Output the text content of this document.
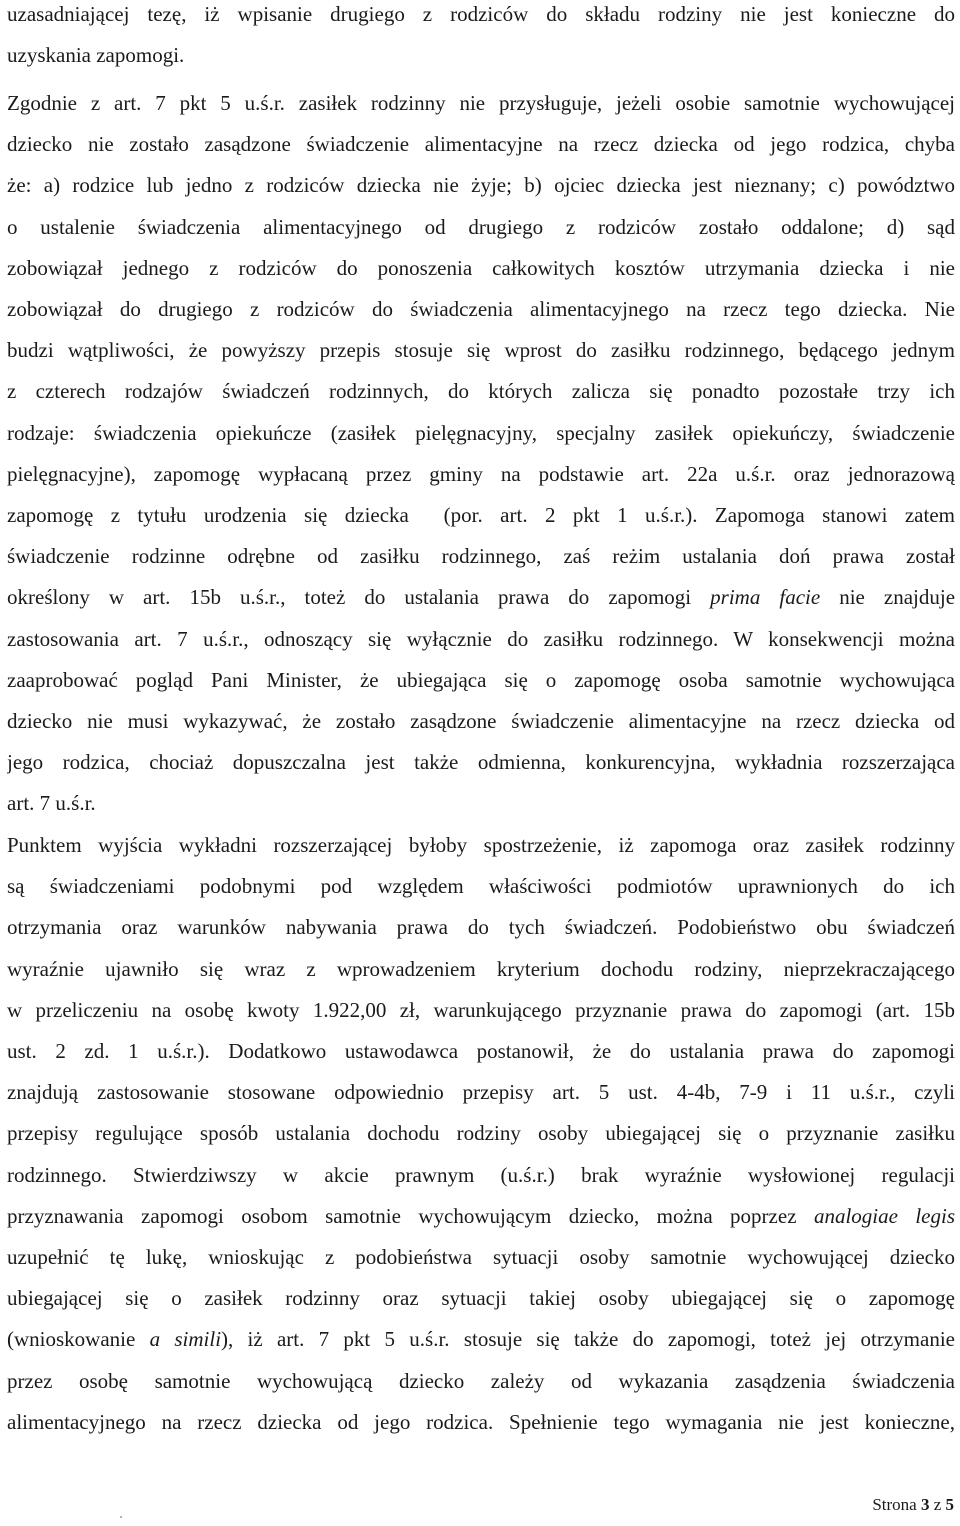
uzasadniającej tezę, iż wpisanie drugiego z rodziców do składu rodziny nie jest konieczne do
uzyskania zapomogi.
Zgodnie z art. 7 pkt 5 u.ś.r. zasiłek rodzinny nie przysługuje, jeżeli osobie samotnie wychowującej
dziecko nie zostało zasądzone świadczenie alimentacyjne na rzecz dziecka od jego rodzica, chyba
że: a) rodzice lub jedno z rodziców dziecka nie żyje; b) ojciec dziecka jest nieznany; c) powództwo
o ustalenie świadczenia alimentacyjnego od drugiego z rodziców zostało oddalone; d) sąd
zobowiązał jednego z rodziców do ponoszenia całkowitych kosztów utrzymania dziecka i nie
zobowiązał do drugiego z rodziców do świadczenia alimentacyjnego na rzecz tego dziecka. Nie
budzi wątpliwości, że powyższy przepis stosuje się wprost do zasiłku rodzinnego, będącego jednym
z czterech rodzajów świadczeń rodzinnych, do których zalicza się ponadto pozostałe trzy ich
rodzaje: świadczenia opiekuńcze (zasiłek pielęgnacyjny, specjalny zasiłek opiekuńczy, świadczenie
pielęgnacyjne), zapomogę wypłacaną przez gminy na podstawie art. 22a u.ś.r. oraz jednorazową
zapomogę z tytułu urodzenia się dziecka  (por. art. 2 pkt 1 u.ś.r.). Zapomoga stanowi zatem
świadczenie rodzinne odrębne od zasiłku rodzinnego, zaś reżim ustalania doń prawa został
określony w art. 15b u.ś.r., toteż do ustalania prawa do zapomogi prima facie nie znajduje
zastosowania art. 7 u.ś.r., odnoszący się wyłącznie do zasiłku rodzinnego. W konsekwencji można
zaaprobować pogląd Pani Minister, że ubiegająca się o zapomogę osoba samotnie wychowująca
dziecko nie musi wykazywać, że zostało zasądzone świadczenie alimentacyjne na rzecz dziecka od
jego rodzica, chociaż dopuszczalna jest także odmienna, konkurencyjna, wykładnia rozszerzająca
art. 7 u.ś.r.
Punktem wyjścia wykładni rozszerzającej byłoby spostrzeżenie, iż zapomoga oraz zasiłek rodzinny
są świadczeniami podobnymi pod względem właściwości podmiotów uprawnionych do ich
otrzymania oraz warunków nabywania prawa do tych świadczeń. Podobieństwo obu świadczeń
wyraźnie ujawniło się wraz z wprowadzeniem kryterium dochodu rodziny, nieprzekraczającego
w przeliczeniu na osobę kwoty 1.922,00 zł, warunkującego przyznanie prawa do zapomogi (art. 15b
ust. 2 zd. 1 u.ś.r.). Dodatkowo ustawodawca postanowił, że do ustalania prawa do zapomogi
znajdują zastosowanie stosowane odpowiednio przepisy art. 5 ust. 4-4b, 7-9 i 11 u.ś.r., czyli
przepisy regulujące sposób ustalania dochodu rodziny osoby ubiegającej się o przyznanie zasiłku
rodzinnego. Stwierdziwszy w akcie prawnym (u.ś.r.) brak wyraźnie wysłowionej regulacji
przyznawania zapomogi osobom samotnie wychowującym dziecko, można poprzez analogiae legis
uzupełnić tę lukę, wnioskując z podobieństwa sytuacji osoby samotnie wychowującej dziecko
ubiegającej się o zasiłek rodzinny oraz sytuacji takiej osoby ubiegającej się o zapomogę
(wnioskowanie a simili), iż art. 7 pkt 5 u.ś.r. stosuje się także do zapomogi, toteż jej otrzymanie
przez osobę samotnie wychowującą dziecko zależy od wykazania zasądzenia świadczenia
alimentacyjnego na rzecz dziecka od jego rodzica. Spełnienie tego wymagania nie jest konieczne,
Strona 3 z 5
